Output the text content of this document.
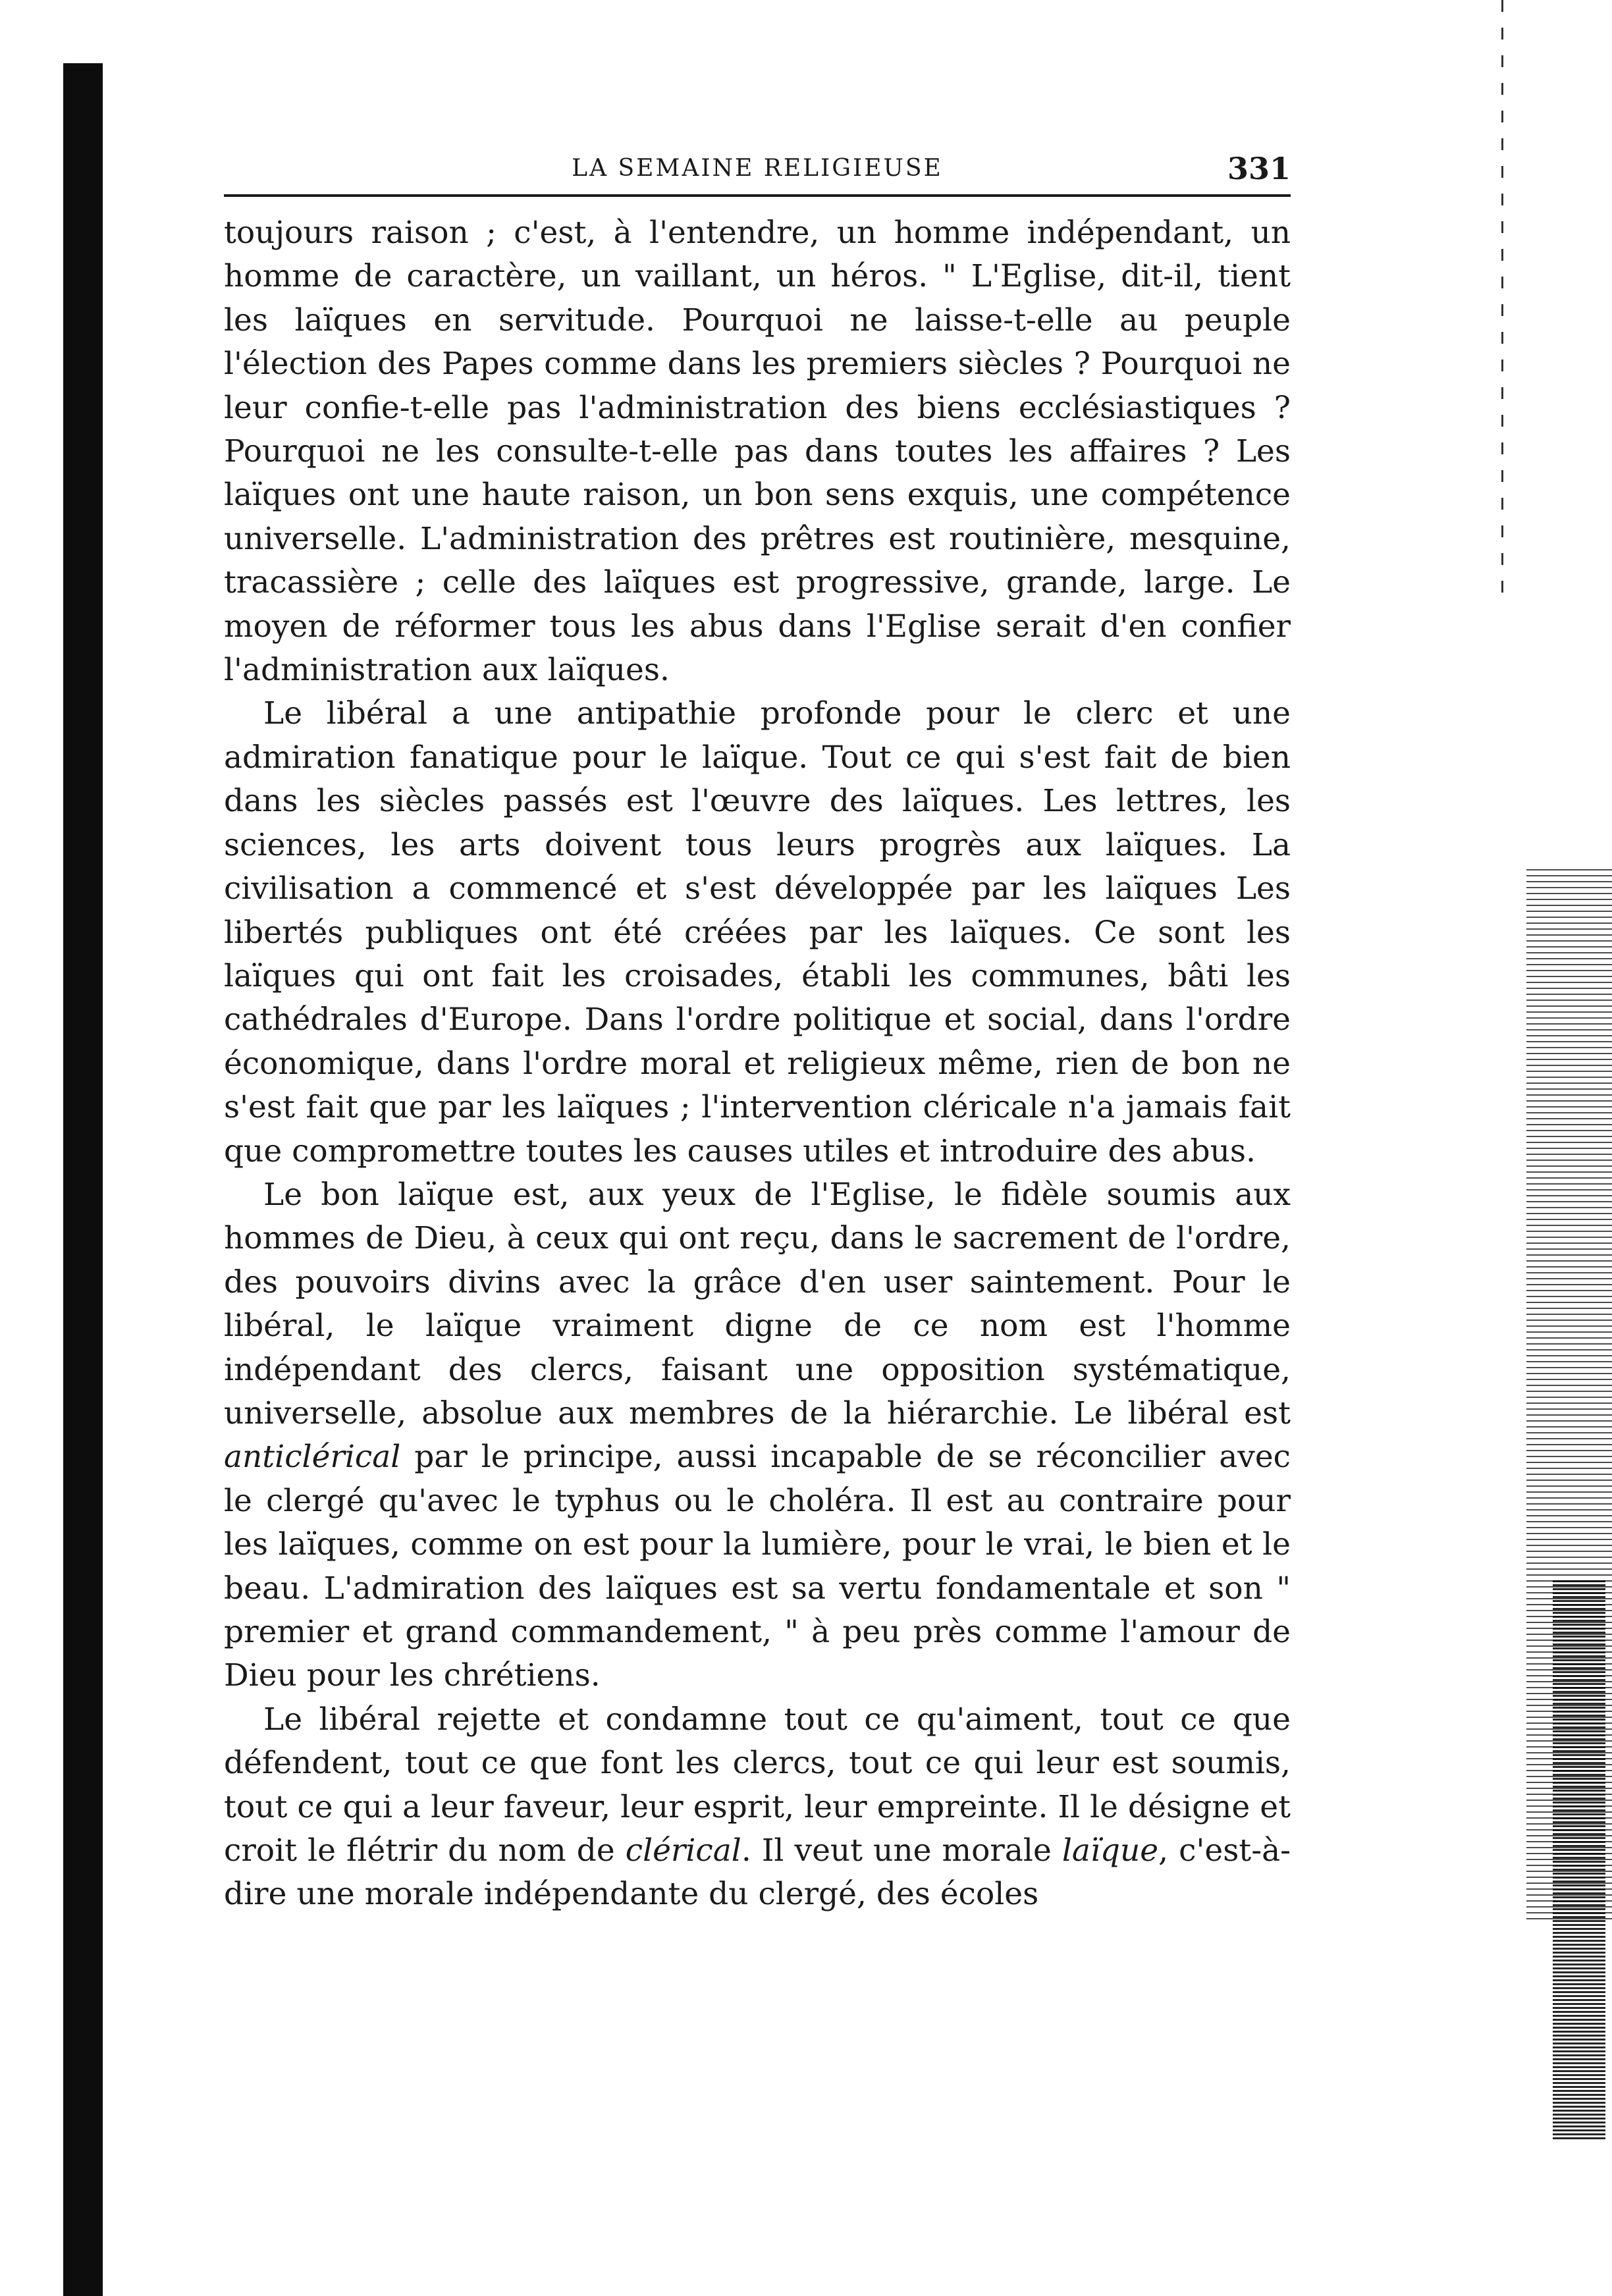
LA SEMAINE RELIGIEUSE	331

toujours raison ; c'est, à l'entendre, un homme indépendant, un homme de caractère, un vaillant, un héros. " L'Eglise, dit-il, tient les laïques en servitude. Pourquoi ne laisse-t-elle au peuple l'élection des Papes comme dans les premiers siècles ? Pourquoi ne leur confie-t-elle pas l'administration des biens ecclésiastiques ? Pourquoi ne les consulte-t-elle pas dans toutes les affaires ? Les laïques ont une haute raison, un bon sens exquis, une compétence universelle. L'administration des prêtres est routinière, mesquine, tracassière ; celle des laïques est progressive, grande, large. Le moyen de réformer tous les abus dans l'Eglise serait d'en confier l'administration aux laïques.

Le libéral a une antipathie profonde pour le clerc et une admiration fanatique pour le laïque. Tout ce qui s'est fait de bien dans les siècles passés est l'œuvre des laïques. Les lettres, les sciences, les arts doivent tous leurs progrès aux laïques. La civilisation a commencé et s'est développée par les laïques Les libertés publiques ont été créées par les laïques. Ce sont les laïques qui ont fait les croisades, établi les communes, bâti les cathédrales d'Europe. Dans l'ordre politique et social, dans l'ordre économique, dans l'ordre moral et religieux même, rien de bon ne s'est fait que par les laïques ; l'intervention cléricale n'a jamais fait que compromettre toutes les causes utiles et introduire des abus.

Le bon laïque est, aux yeux de l'Eglise, le fidèle soumis aux hommes de Dieu, à ceux qui ont reçu, dans le sacrement de l'ordre, des pouvoirs divins avec la grâce d'en user saintement. Pour le libéral, le laïque vraiment digne de ce nom est l'homme indépendant des clercs, faisant une opposition systématique, universelle, absolue aux membres de la hiérarchie. Le libéral est anticlérical par le principe, aussi incapable de se réconcilier avec le clergé qu'avec le typhus ou le choléra. Il est au contraire pour les laïques, comme on est pour la lumière, pour le vrai, le bien et le beau. L'admiration des laïques est sa vertu fondamentale et son " premier et grand commandement, " à peu près comme l'amour de Dieu pour les chrétiens.

Le libéral rejette et condamne tout ce qu'aiment, tout ce que défendent, tout ce que font les clercs, tout ce qui leur est soumis, tout ce qui a leur faveur, leur esprit, leur empreinte. Il le désigne et croit le flétrir du nom de clérical. Il veut une morale laïque, c'est-à-dire une morale indépendante du clergé, des écoles
